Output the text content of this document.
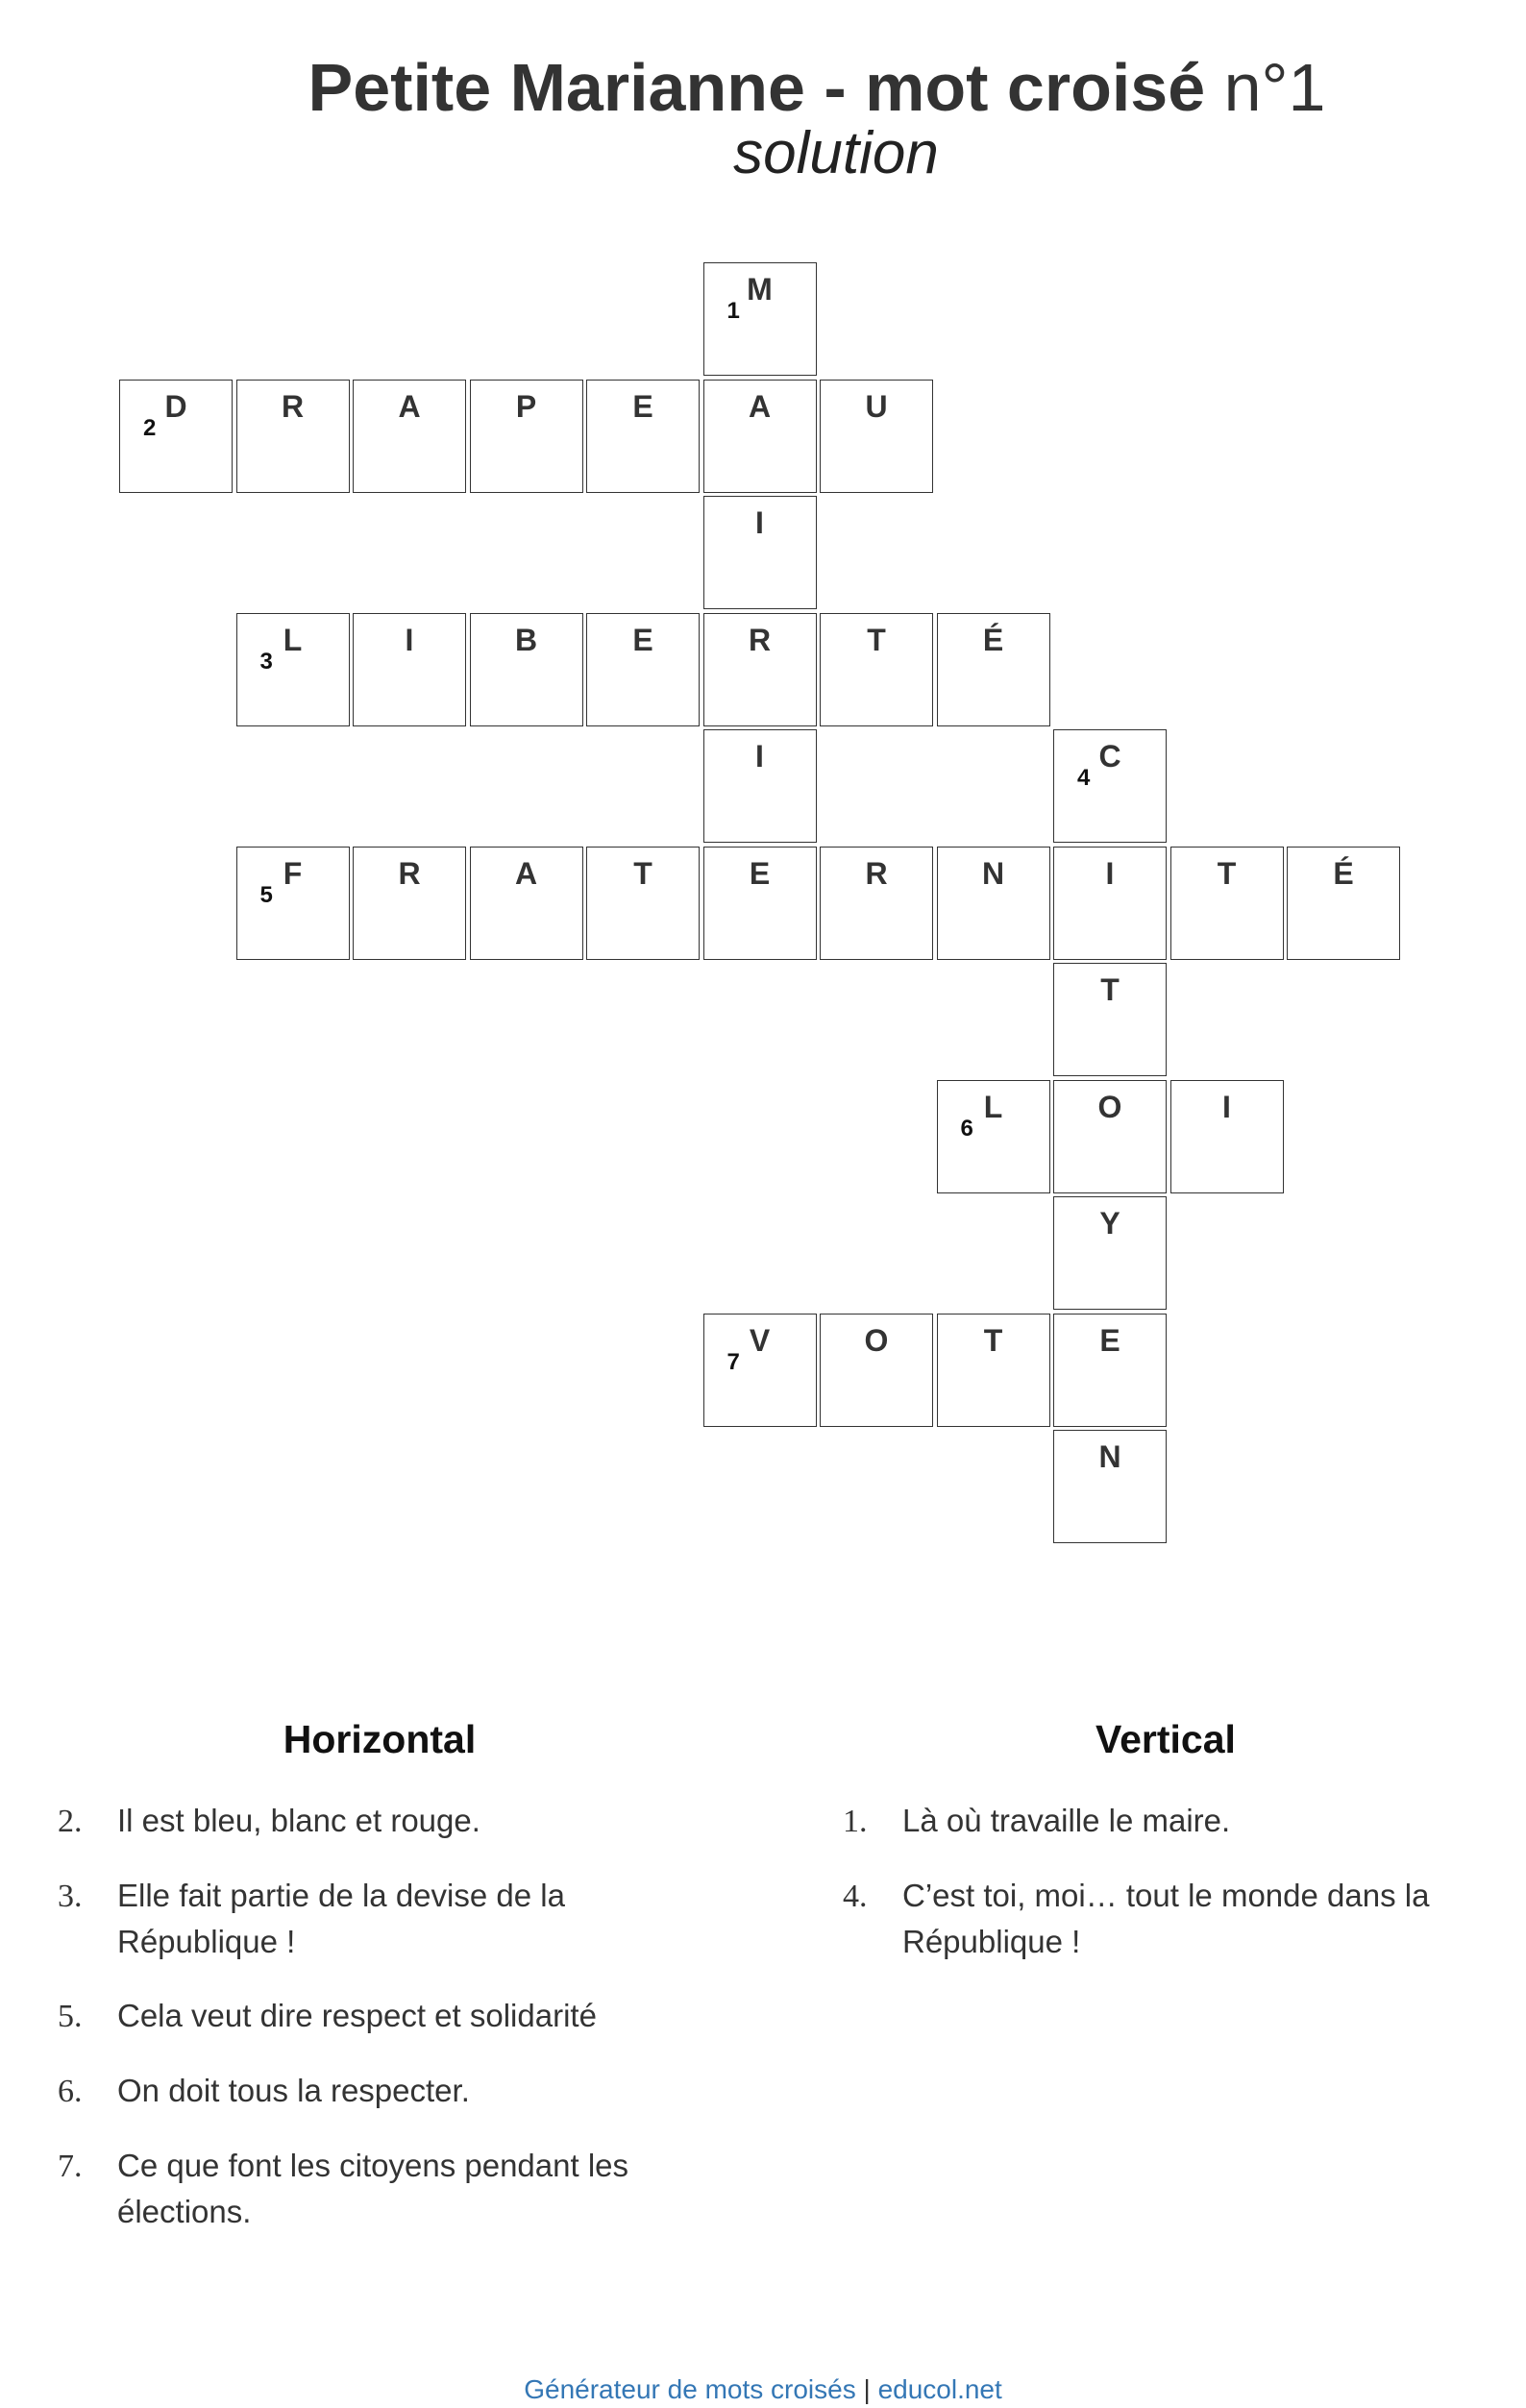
Petite Marianne - mot croisé n°1
solution
1
M
2
D	R	A	P	E	A	U
I
3
L	I	B	E	R	T	É
I
4
C
5
F	R	A	T	E	R	N	I	T	É
T
6
L	O	I
Y
7
V	O	T	E
N
Horizontal
2.	Il est bleu, blanc et rouge.
3.	Elle fait partie de la devise de la République !
5.	Cela veut dire respect et solidarité
6.	On doit tous la respecter.
7.	Ce que font les citoyens pendant les élections.
Vertical
1.	Là où travaille le maire.
4.	C’est toi, moi… tout le monde dans la République !
Générateur de mots croisés | educol.net
